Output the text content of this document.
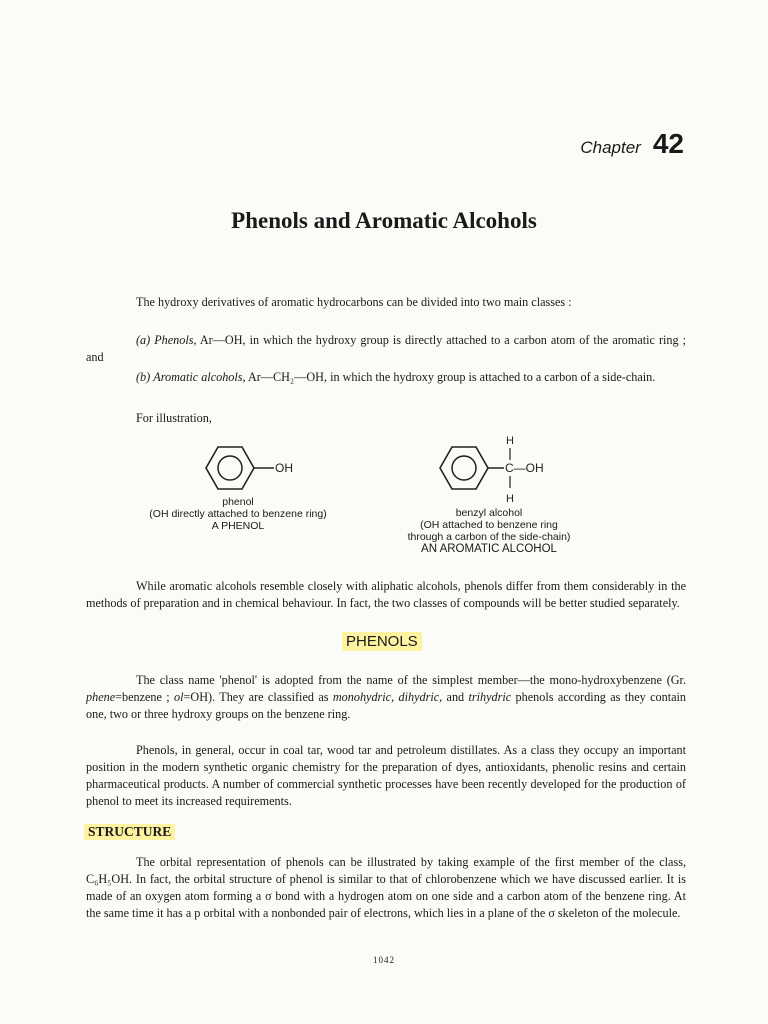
Chapter 42
Phenols and Aromatic Alcohols

The hydroxy derivatives of aromatic hydrocarbons can be divided into two main classes :

(a) Phenols, Ar—OH, in which the hydroxy group is directly attached to a carbon atom of the aromatic ring ; and

(b) Aromatic alcohols, Ar—CH₂—OH, in which the hydroxy group is attached to a carbon of a side-chain.

For illustration,

OH
phenol
(OH directly attached to benzene ring)
A PHENOL
H
C—OH
H
benzyl alcohol
(OH attached to benzene ring
through a carbon of the side-chain)
AN AROMATIC ALCOHOL

While aromatic alcohols resemble closely with aliphatic alcohols, phenols differ from them considerably in the methods of preparation and in chemical behaviour. In fact, the two classes of compounds will be better studied separately.

PHENOLS

The class name 'phenol' is adopted from the name of the simplest member—the mono-hydroxybenzene (Gr. phene=benzene ; ol=OH). They are classified as monohydric, dihydric, and trihydric phenols according as they contain one, two or three hydroxy groups on the benzene ring.

Phenols, in general, occur in coal tar, wood tar and petroleum distillates. As a class they occupy an important position in the modern synthetic organic chemistry for the preparation of dyes, antioxidants, phenolic resins and certain pharmaceutical products. A number of commercial synthetic processes have been recently developed for the production of phenol to meet its increased requirements.

STRUCTURE

The orbital representation of phenols can be illustrated by taking example of the first member of the class, C₆H₅OH. In fact, the orbital structure of phenol is similar to that of chlorobenzene which we have discussed earlier. It is made of an oxygen atom forming a σ bond with a hydrogen atom on one side and a carbon atom of the benzene ring. At the same time it has a p orbital with a nonbonded pair of electrons, which lies in a plane of the σ skeleton of the molecule.

1042
